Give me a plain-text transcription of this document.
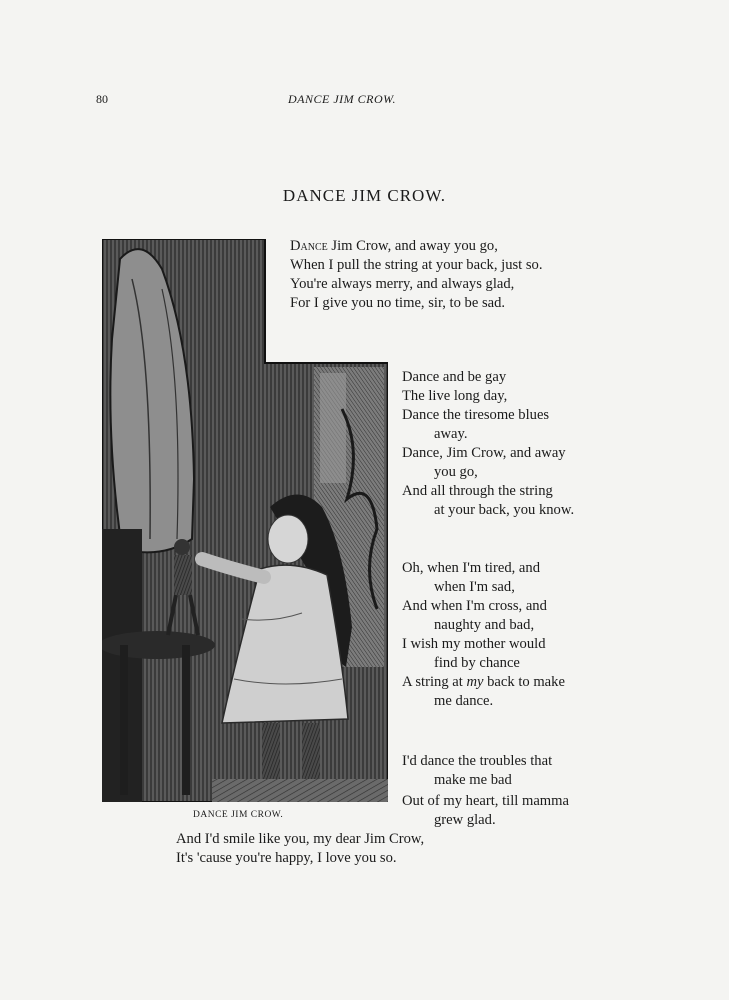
80	DANCE JIM CROW.
DANCE JIM CROW.
DANCE JIM CROW.
Dance Jim Crow, and away you go,
When I pull the string at your back, just so.
You're always merry, and always glad,
For I give you no time, sir, to be sad.
Dance and be gay
The live long day,
Dance the tiresome blues
away.
Dance, Jim Crow, and away
you go,
And all through the string
at your back, you know.
Oh, when I'm tired, and
when I'm sad,
And when I'm cross, and
naughty and bad,
I wish my mother would
find by chance
A string at my back to make
me dance.
I'd dance the troubles that
make me bad
Out of my heart, till mamma
grew glad.
And I'd smile like you, my dear Jim Crow,
It's 'cause you're happy, I love you so.
